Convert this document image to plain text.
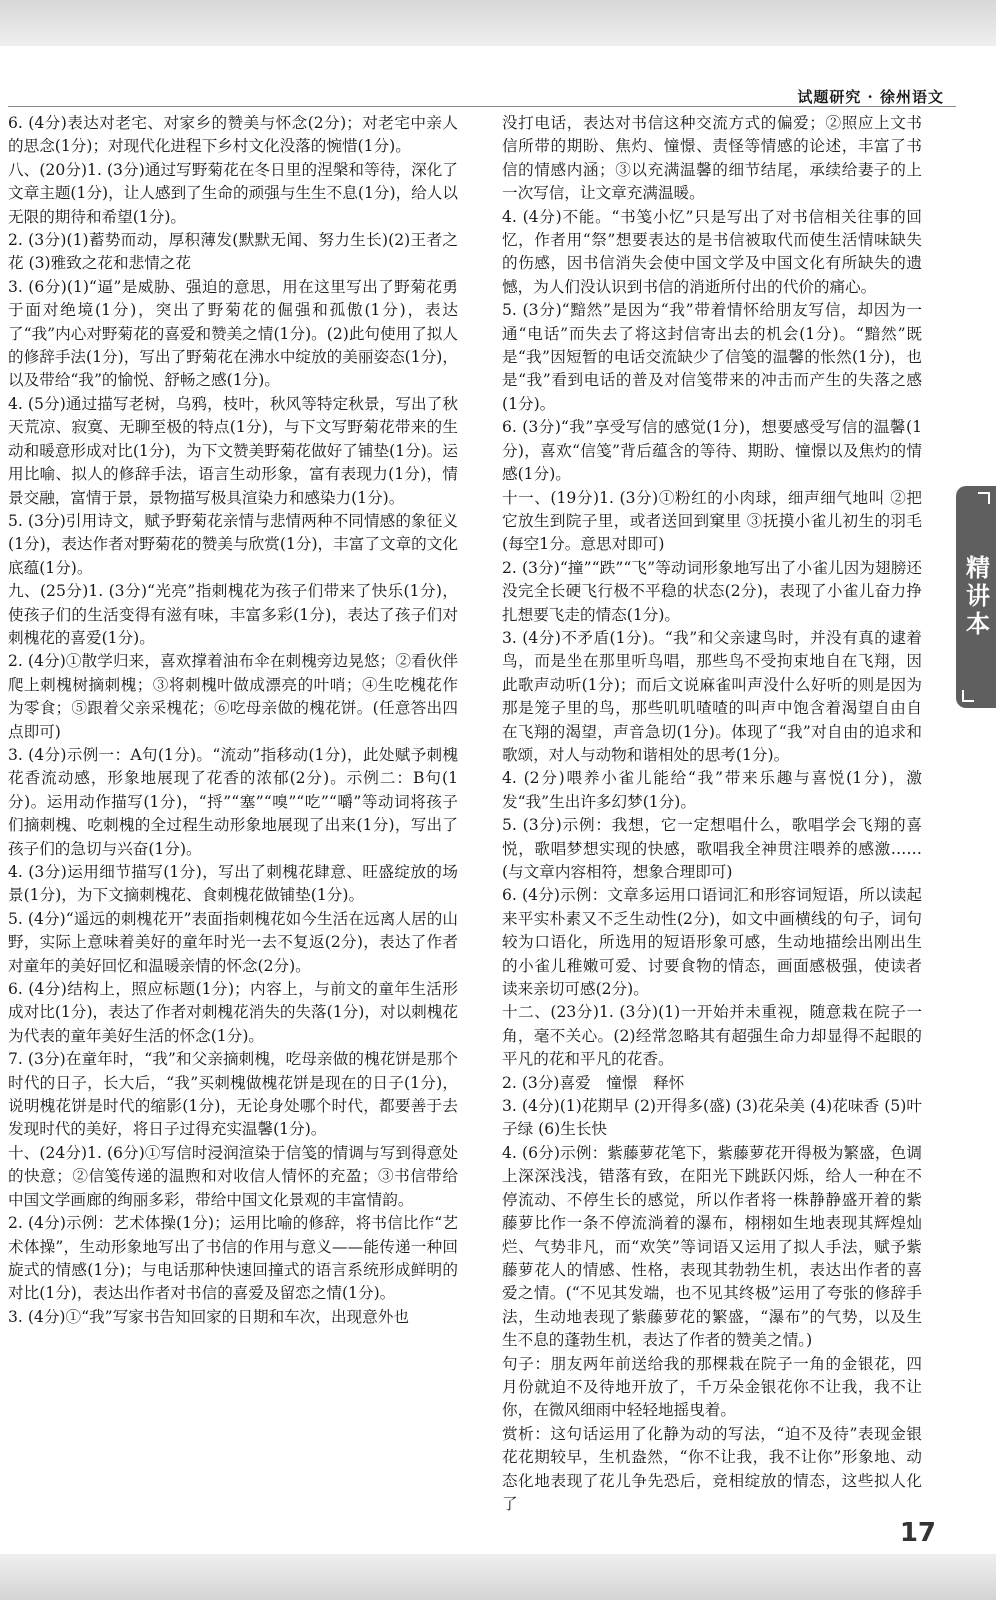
试题研究 · 徐州语文

6. (4分)表达对老宅、对家乡的赞美与怀念(2分)；对老宅中亲人的思念(1分)；对现代化进程下乡村文化没落的惋惜(1分)。

八、(20分)1. (3分)通过写野菊花在冬日里的涅槃和等待，深化了文章主题(1分)，让人感到了生命的顽强与生生不息(1分)，给人以无限的期待和希望(1分)。

2. (3分)(1)蓄势而动，厚积薄发(默默无闻、努力生长)(2)王者之花 (3)雅致之花和悲情之花

3. (6分)(1)“逼”是威胁、强迫的意思，用在这里写出了野菊花勇于面对绝境(1分)，突出了野菊花的倔强和孤傲(1分)，表达了“我”内心对野菊花的喜爱和赞美之情(1分)。(2)此句使用了拟人的修辞手法(1分)，写出了野菊花在沸水中绽放的美丽姿态(1分)，以及带给“我”的愉悦、舒畅之感(1分)。

4. (5分)通过描写老树，乌鸦，枝叶，秋风等特定秋景，写出了秋天荒凉、寂寞、无聊至极的特点(1分)，与下文写野菊花带来的生动和暖意形成对比(1分)，为下文赞美野菊花做好了铺垫(1分)。运用比喻、拟人的修辞手法，语言生动形象，富有表现力(1分)，情景交融，富情于景，景物描写极具渲染力和感染力(1分)。

5. (3分)引用诗文，赋予野菊花亲情与悲情两种不同情感的象征义(1分)，表达作者对野菊花的赞美与欣赏(1分)，丰富了文章的文化底蕴(1分)。

九、(25分)1. (3分)“光亮”指刺槐花为孩子们带来了快乐(1分)，使孩子们的生活变得有滋有味，丰富多彩(1分)，表达了孩子们对刺槐花的喜爱(1分)。

2. (4分)①散学归来，喜欢撑着油布伞在刺槐旁边晃悠；②看伙伴爬上刺槐树摘刺槐；③将刺槐叶做成漂亮的叶哨；④生吃槐花作为零食；⑤跟着父亲采槐花；⑥吃母亲做的槐花饼。(任意答出四点即可)

3. (4分)示例一：A句(1分)。“流动”指移动(1分)，此处赋予刺槐花香流动感，形象地展现了花香的浓郁(2分)。示例二：B句(1分)。运用动作描写(1分)，“捋”“塞”“嗅”“吃”“嚼”等动词将孩子们摘刺槐、吃刺槐的全过程生动形象地展现了出来(1分)，写出了孩子们的急切与兴奋(1分)。

4. (3分)运用细节描写(1分)，写出了刺槐花肆意、旺盛绽放的场景(1分)，为下文摘刺槐花、食刺槐花做铺垫(1分)。

5. (4分)“遥远的刺槐花开”表面指刺槐花如今生活在远离人居的山野，实际上意味着美好的童年时光一去不复返(2分)，表达了作者对童年的美好回忆和温暖亲情的怀念(2分)。

6. (4分)结构上，照应标题(1分)；内容上，与前文的童年生活形成对比(1分)，表达了作者对刺槐花消失的失落(1分)，对以刺槐花为代表的童年美好生活的怀念(1分)。

7. (3分)在童年时，“我”和父亲摘刺槐，吃母亲做的槐花饼是那个时代的日子，长大后，“我”买刺槐做槐花饼是现在的日子(1分)，说明槐花饼是时代的缩影(1分)，无论身处哪个时代，都要善于去发现时代的美好，将日子过得充实温馨(1分)。

十、(24分)1. (6分)①写信时浸润渲染于信笺的情调与写到得意处的快意；②信笺传递的温煦和对收信人情怀的充盈；③书信带给中国文学画廊的绚丽多彩，带给中国文化景观的丰富情韵。

2. (4分)示例：艺术体操(1分)；运用比喻的修辞，将书信比作“艺术体操”，生动形象地写出了书信的作用与意义——能传递一种回旋式的情感(1分)；与电话那种快速回撞式的语言系统形成鲜明的对比(1分)，表达出作者对书信的喜爱及留恋之情(1分)。

3. (4分)①“我”写家书告知回家的日期和车次，出现意外也

没打电话，表达对书信这种交流方式的偏爱；②照应上文书信所带的期盼、焦灼、憧憬、责怪等情感的论述，丰富了书信的情感内涵；③以充满温馨的细节结尾，承续给妻子的上一次写信，让文章充满温暖。

4. (4分)不能。“书笺小忆”只是写出了对书信相关往事的回忆，作者用“祭”想要表达的是书信被取代而使生活情味缺失的伤感，因书信消失会使中国文学及中国文化有所缺失的遗憾，为人们没认识到书信的消逝所付出的代价的痛心。

5. (3分)“黯然”是因为“我”带着情怀给朋友写信，却因为一通“电话”而失去了将这封信寄出去的机会(1分)。“黯然”既是“我”因短暂的电话交流缺少了信笺的温馨的怅然(1分)，也是“我”看到电话的普及对信笺带来的冲击而产生的失落之感(1分)。

6. (3分)“我”享受写信的感觉(1分)，想要感受写信的温馨(1分)，喜欢“信笺”背后蕴含的等待、期盼、憧憬以及焦灼的情感(1分)。

十一、(19分)1. (3分)①粉红的小肉球，细声细气地叫 ②把它放生到院子里，或者送回到窠里 ③抚摸小雀儿初生的羽毛(每空1分。意思对即可)

2. (3分)“撞”“跌”“飞”等动词形象地写出了小雀儿因为翅膀还没完全长硬飞行极不平稳的状态(2分)，表现了小雀儿奋力挣扎想要飞走的情态(1分)。

3. (4分)不矛盾(1分)。“我”和父亲逮鸟时，并没有真的逮着鸟，而是坐在那里听鸟唱，那些鸟不受拘束地自在飞翔，因此歌声动听(1分)；而后文说麻雀叫声没什么好听的则是因为那是笼子里的鸟，那些叽叽喳喳的叫声中饱含着渴望自由自在飞翔的渴望，声音急切(1分)。体现了“我”对自由的追求和歌颂，对人与动物和谐相处的思考(1分)。

4. (2分)喂养小雀儿能给“我”带来乐趣与喜悦(1分)，激发“我”生出许多幻梦(1分)。

5. (3分)示例：我想，它一定想唱什么，歌唱学会飞翔的喜悦，歌唱梦想实现的快感，歌唱我全神贯注喂养的感激……(与文章内容相符，想象合理即可)

6. (4分)示例：文章多运用口语词汇和形容词短语，所以读起来平实朴素又不乏生动性(2分)，如文中画横线的句子，词句较为口语化，所选用的短语形象可感，生动地描绘出刚出生的小雀儿稚嫩可爱、讨要食物的情态，画面感极强，使读者读来亲切可感(2分)。

十二、(23分)1. (3分)(1)一开始并未重视，随意栽在院子一角，毫不关心。(2)经常忽略其有超强生命力却显得不起眼的平凡的花和平凡的花香。

2. (3分)喜爱　憧憬　释怀

3. (4分)(1)花期早 (2)开得多(盛) (3)花朵美 (4)花味香 (5)叶子绿 (6)生长快

4. (6分)示例：紫藤萝花笔下，紫藤萝花开得极为繁盛，色调上深深浅浅，错落有致，在阳光下跳跃闪烁，给人一种在不停流动、不停生长的感觉，所以作者将一株静静盛开着的紫藤萝比作一条不停流淌着的瀑布，栩栩如生地表现其辉煌灿烂、气势非凡，而“欢笑”等词语又运用了拟人手法，赋予紫藤萝花人的情感、性格，表现其勃勃生机，表达出作者的喜爱之情。(“不见其发端，也不见其终极”运用了夸张的修辞手法，生动地表现了紫藤萝花的繁盛，“瀑布”的气势，以及生生不息的蓬勃生机，表达了作者的赞美之情。)

句子：朋友两年前送给我的那棵栽在院子一角的金银花，四月份就迫不及待地开放了，千万朵金银花你不让我，我不让你，在微风细雨中轻轻地摇曳着。

赏析：这句话运用了化静为动的写法，“迫不及待”表现金银花花期较早，生机盎然，“你不让我，我不让你”形象地、动态化地表现了花儿争先恐后，竞相绽放的情态，这些拟人化了

精讲本
17
